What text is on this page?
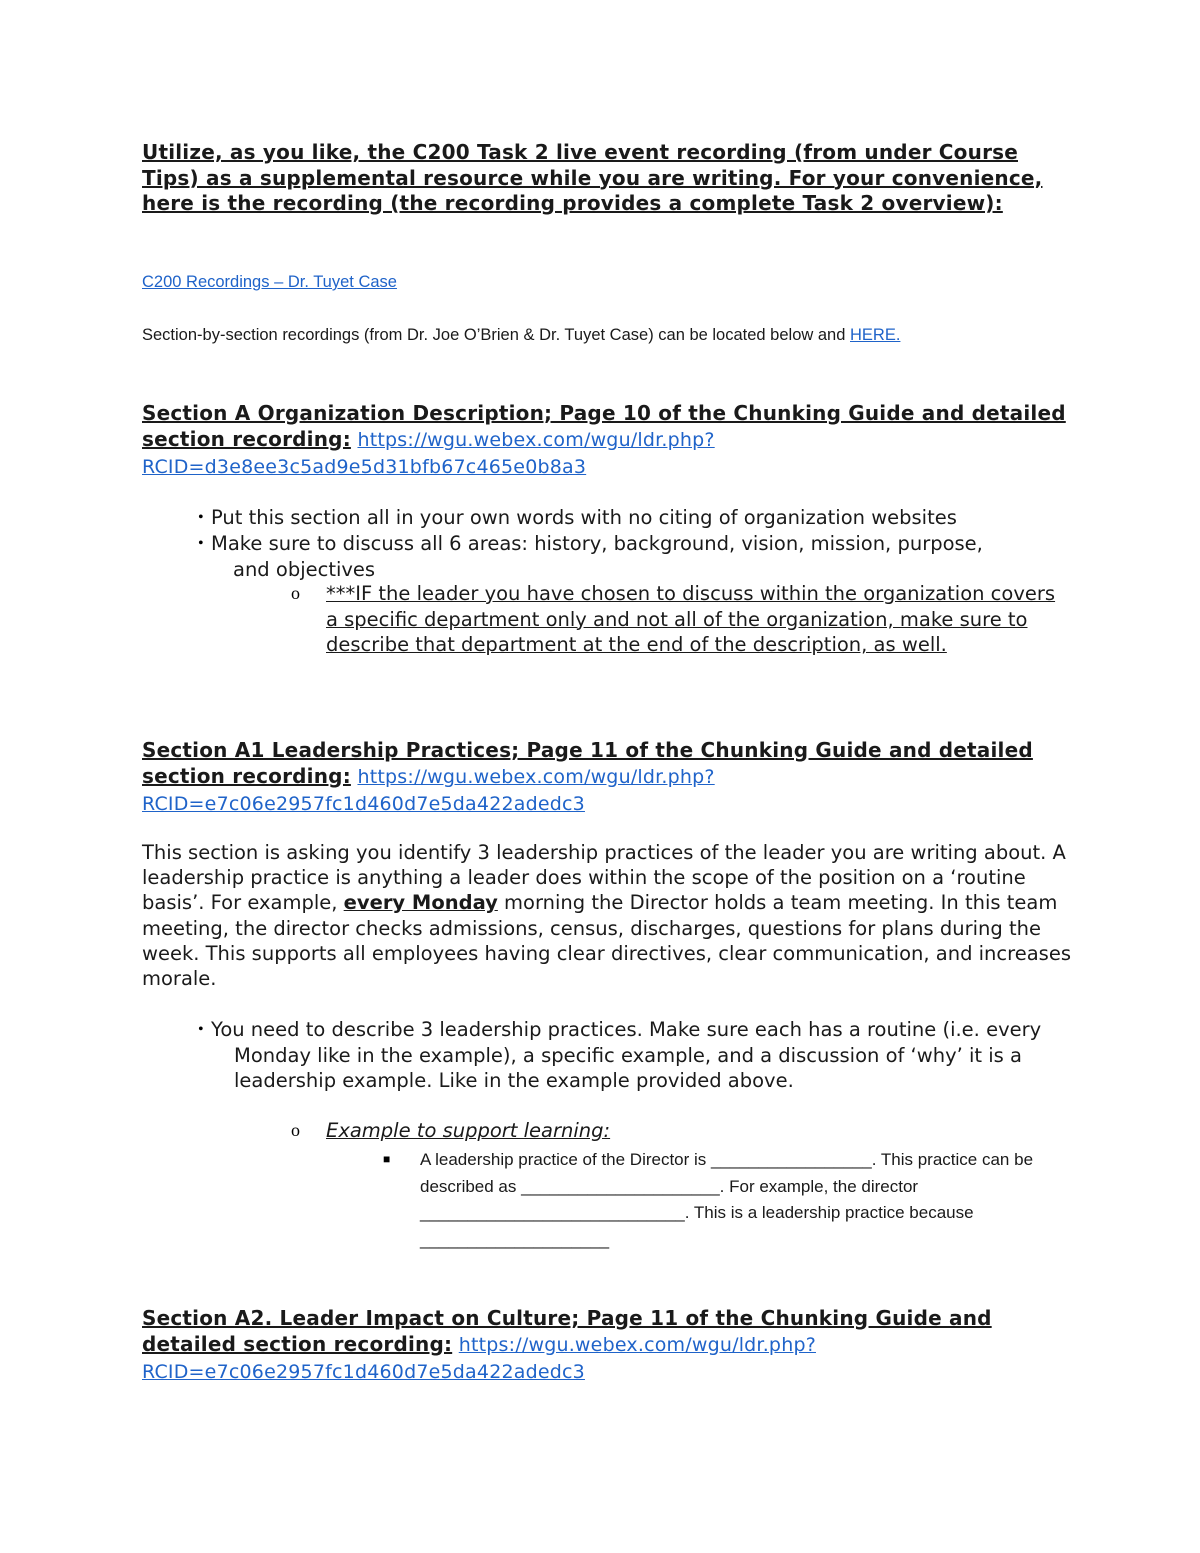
Utilize, as you like, the C200 Task 2 live event recording (from under Course Tips) as a supplemental resource while you are writing. For your convenience, here is the recording (the recording provides a complete Task 2 overview):
C200 Recordings – Dr. Tuyet Case
Section-by-section recordings (from Dr. Joe O’Brien & Dr. Tuyet Case) can be located below and HERE.
Section A Organization Description; Page 10 of the Chunking Guide and detailed section recording: https://wgu.webex.com/wgu/ldr.php?RCID=d3e8ee3c5ad9e5d31bfb67c465e0b8a3
• Put this section all in your own words with no citing of organization websites
• Make sure to discuss all 6 areas: history, background, vision, mission, purpose, and objectives
o ***IF the leader you have chosen to discuss within the organization covers a specific department only and not all of the organization, make sure to describe that department at the end of the description, as well.
Section A1 Leadership Practices; Page 11 of the Chunking Guide and detailed section recording: https://wgu.webex.com/wgu/ldr.php?RCID=e7c06e2957fc1d460d7e5da422adedc3
This section is asking you identify 3 leadership practices of the leader you are writing about. A leadership practice is anything a leader does within the scope of the position on a ‘routine basis’. For example, every Monday morning the Director holds a team meeting. In this team meeting, the director checks admissions, census, discharges, questions for plans during the week. This supports all employees having clear directives, clear communication, and increases morale.
• You need to describe 3 leadership practices. Make sure each has a routine (i.e. every Monday like in the example), a specific example, and a discussion of ‘why’ it is a leadership example. Like in the example provided above.
o Example to support learning:
■ A leadership practice of the Director is _________________. This practice can be described as _____________________. For example, the director ____________________________. This is a leadership practice because ____________________
Section A2. Leader Impact on Culture; Page 11 of the Chunking Guide and detailed section recording: https://wgu.webex.com/wgu/ldr.php?RCID=e7c06e2957fc1d460d7e5da422adedc3
